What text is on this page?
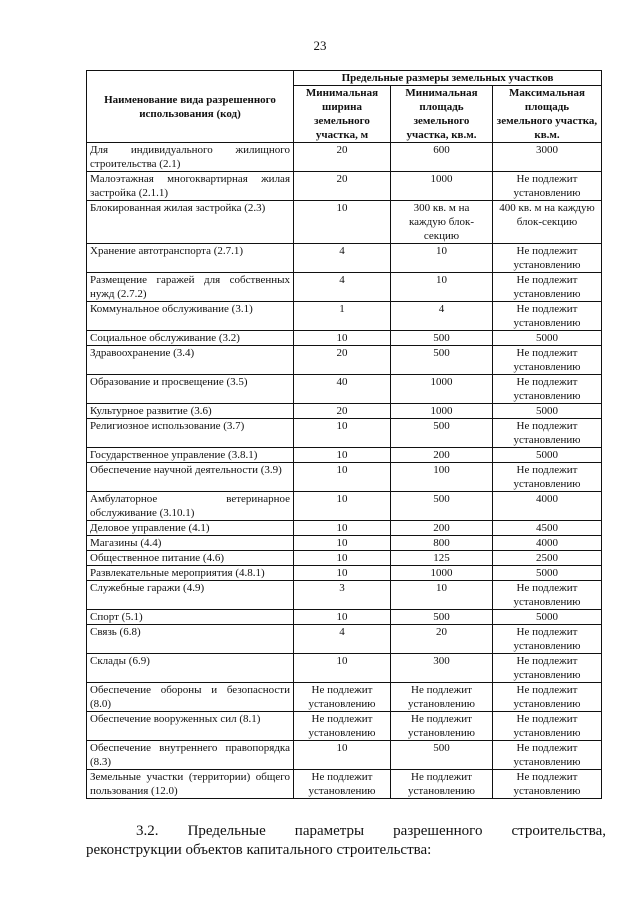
23
Наименование вида разрешенного использования (код)	Предельные размеры земельных участков		
	Минимальная ширина земельного участка, м	Минимальная площадь земельного участка, кв.м.	Максимальная площадь земельного участка, кв.м.
Для индивидуального жилищного строительства (2.1)	20	600	3000
Малоэтажная многоквартирная жилая застройка (2.1.1)	20	1000	Не подлежит установлению
Блокированная жилая застройка (2.3)	10	300 кв. м на каждую блок-секцию	400 кв. м на каждую блок-секцию
Хранение автотранспорта (2.7.1)	4	10	Не подлежит установлению
Размещение гаражей для собственных нужд (2.7.2)	4	10	Не подлежит установлению
Коммунальное обслуживание (3.1)	1	4	Не подлежит установлению
Социальное обслуживание (3.2)	10	500	5000
Здравоохранение (3.4)	20	500	Не подлежит установлению
Образование и просвещение (3.5)	40	1000	Не подлежит установлению
Культурное развитие (3.6)	20	1000	5000
Религиозное использование (3.7)	10	500	Не подлежит установлению
Государственное управление (3.8.1)	10	200	5000
Обеспечение научной деятельности (3.9)	10	100	Не подлежит установлению
Амбулаторное ветеринарное обслуживание (3.10.1)	10	500	4000
Деловое управление (4.1)	10	200	4500
Магазины (4.4)	10	800	4000
Общественное питание (4.6)	10	125	2500
Развлекательные мероприятия (4.8.1)	10	1000	5000
Служебные гаражи (4.9)	3	10	Не подлежит установлению
Спорт (5.1)	10	500	5000
Связь (6.8)	4	20	Не подлежит установлению
Склады (6.9)	10	300	Не подлежит установлению
Обеспечение обороны и безопасности (8.0)	Не подлежит установлению	Не подлежит установлению	Не подлежит установлению
Обеспечение вооруженных сил (8.1)	Не подлежит установлению	Не подлежит установлению	Не подлежит установлению
Обеспечение внутреннего правопорядка (8.3)	10	500	Не подлежит установлению
Земельные участки (территории) общего пользования (12.0)	Не подлежит установлению	Не подлежит установлению	Не подлежит установлению
3.2. Предельные параметры разрешенного строительства,
реконструкции объектов капитального строительства:
